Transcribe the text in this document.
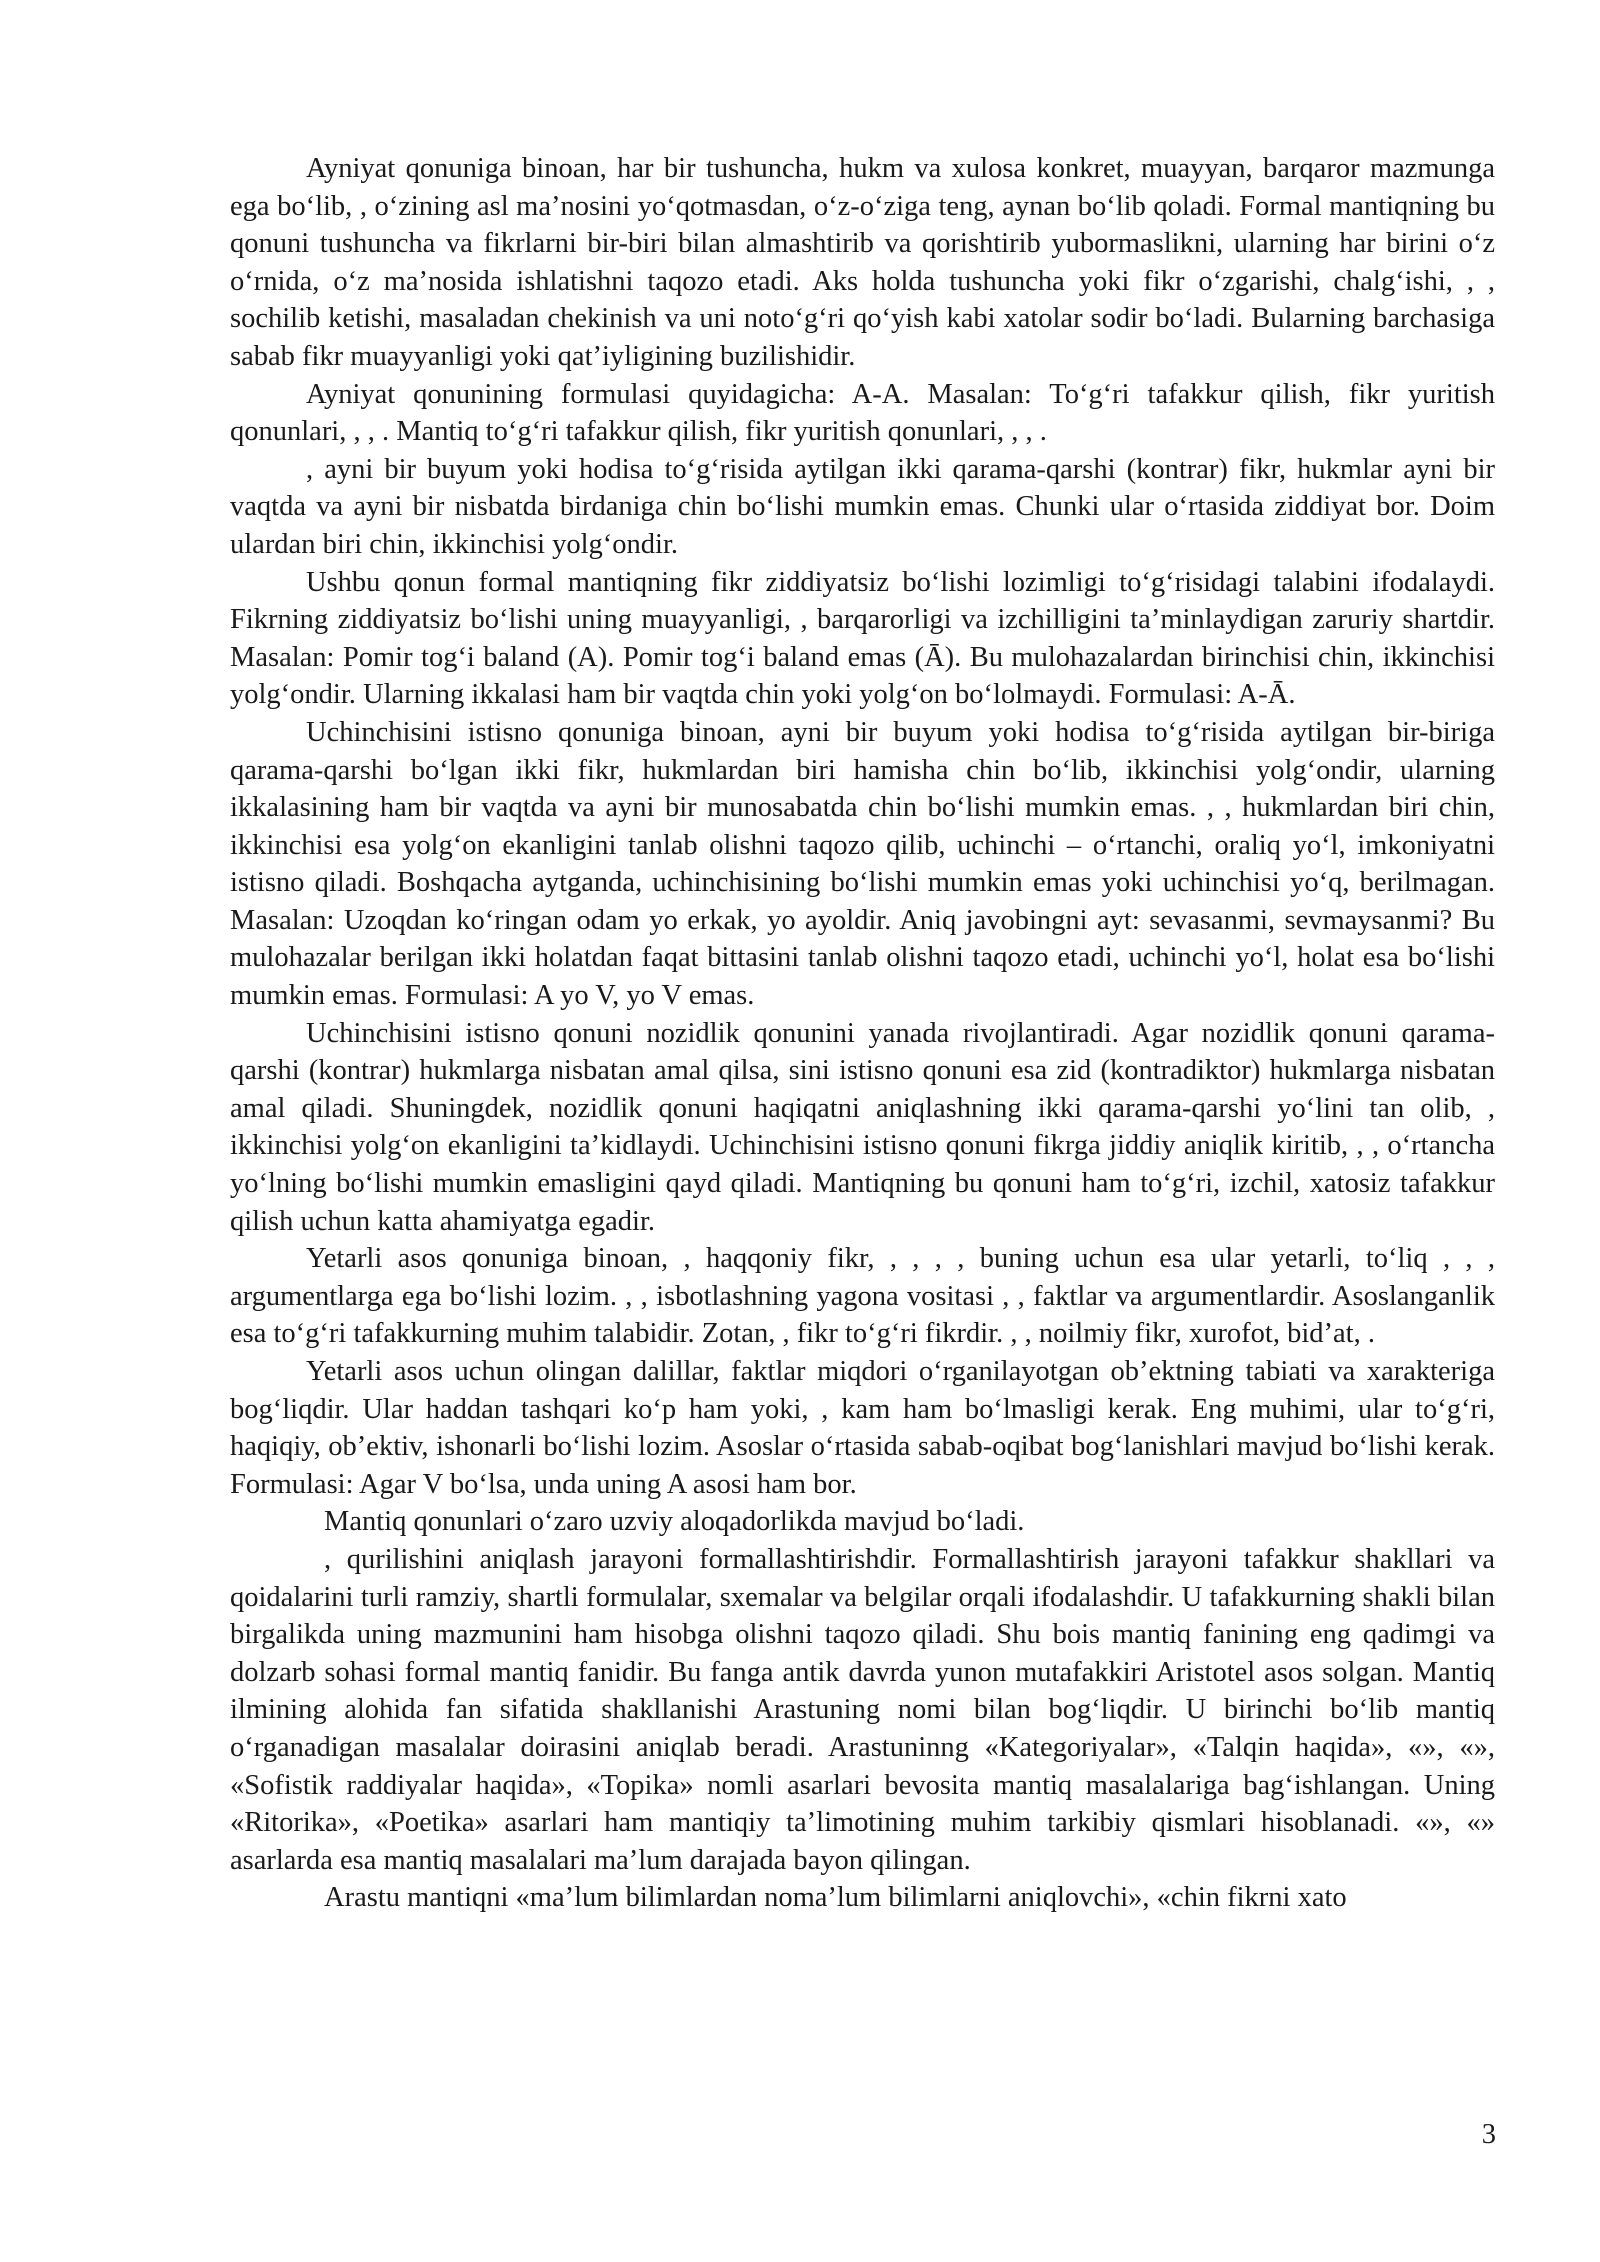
Ayniyat qonuniga binoan, har bir tushuncha, hukm va xulosa konkret, muayyan, barqaror mazmunga ega bo‘lib, , o‘zining asl ma’nosini yo‘qotmasdan, o‘z-o‘ziga teng, aynan bo‘lib qoladi. Formal mantiqning bu qonuni tushuncha va fikrlarni bir-biri bilan almashtirib va qorishtirib yubormaslikni, ularning har birini o‘z o‘rnida, o‘z ma’nosida ishlatishni taqozo etadi. Aks holda tushuncha yoki fikr o‘zgarishi, chalg‘ishi, , , sochilib ketishi, masaladan chekinish va uni noto‘g‘ri qo‘yish kabi xatolar sodir bo‘ladi. Bularning barchasiga sabab fikr muayyanligi yoki qat’iyligining buzilishidir.

Ayniyat qonunining formulasi quyidagicha: A-A. Masalan: To‘g‘ri tafakkur qilish, fikr yuritish qonunlari, , , . Mantiq to‘g‘ri tafakkur qilish, fikr yuritish qonunlari, , , .

, ayni bir buyum yoki hodisa to‘g‘risida aytilgan ikki qarama-qarshi (kontrar) fikr, hukmlar ayni bir vaqtda va ayni bir nisbatda birdaniga chin bo‘lishi mumkin emas. Chunki ular o‘rtasida ziddiyat bor. Doim ulardan biri chin, ikkinchisi yolg‘ondir.

Ushbu qonun formal mantiqning fikr ziddiyatsiz bo‘lishi lozimligi to‘g‘risidagi talabini ifodalaydi. Fikrning ziddiyatsiz bo‘lishi uning muayyanligi, , barqarorligi va izchilligini ta’minlaydigan zaruriy shartdir. Masalan: Pomir tog‘i baland (A). Pomir tog‘i baland emas (Ā). Bu mulohazalardan birinchisi chin, ikkinchisi yolg‘ondir. Ularning ikkalasi ham bir vaqtda chin yoki yolg‘on bo‘lolmaydi. Formulasi: A-Ā.

Uchinchisini istisno qonuniga binoan, ayni bir buyum yoki hodisa to‘g‘risida aytilgan bir-biriga qarama-qarshi bo‘lgan ikki fikr, hukmlardan biri hamisha chin bo‘lib, ikkinchisi yolg‘ondir, ularning ikkalasining ham bir vaqtda va ayni bir munosabatda chin bo‘lishi mumkin emas. , , hukmlardan biri chin, ikkinchisi esa yolg‘on ekanligini tanlab olishni taqozo qilib, uchinchi – o‘rtanchi, oraliq yo‘l, imkoniyatni istisno qiladi. Boshqacha aytganda, uchinchisining bo‘lishi mumkin emas yoki uchinchisi yo‘q, berilmagan. Masalan: Uzoqdan ko‘ringan odam yo erkak, yo ayoldir. Aniq javobingni ayt: sevasanmi, sevmaysanmi? Bu mulohazalar berilgan ikki holatdan faqat bittasini tanlab olishni taqozo etadi, uchinchi yo‘l, holat esa bo‘lishi mumkin emas. Formulasi: A yo V, yo V emas.

Uchinchisini istisno qonuni nozidlik qonunini yanada rivojlantiradi. Agar nozidlik qonuni qarama-qarshi (kontrar) hukmlarga nisbatan amal qilsa, sini istisno qonuni esa zid (kontradiktor) hukmlarga nisbatan amal qiladi. Shuningdek, nozidlik qonuni haqiqatni aniqlashning ikki qarama-qarshi yo‘lini tan olib, , ikkinchisi yolg‘on ekanligini ta’kidlaydi. Uchinchisini istisno qonuni fikrga jiddiy aniqlik kiritib, , , o‘rtancha yo‘lning bo‘lishi mumkin emasligini qayd qiladi. Mantiqning bu qonuni ham to‘g‘ri, izchil, xatosiz tafakkur qilish uchun katta ahamiyatga egadir.

Yetarli asos qonuniga binoan, , haqqoniy fikr, , , , , buning uchun esa ular yetarli, to‘liq , , , argumentlarga ega bo‘lishi lozim. , , isbotlashning yagona vositasi , , faktlar va argumentlardir. Asoslanganlik esa to‘g‘ri tafakkurning muhim talabidir. Zotan, , fikr to‘g‘ri fikrdir. , , noilmiy fikr, xurofot, bid’at, .

Yetarli asos uchun olingan dalillar, faktlar miqdori o‘rganilayotgan ob’ektning tabiati va xarakteriga bog‘liqdir. Ular haddan tashqari ko‘p ham yoki, , kam ham bo‘lmasligi kerak. Eng muhimi, ular to‘g‘ri, haqiqiy, ob’ektiv, ishonarli bo‘lishi lozim. Asoslar o‘rtasida sabab-oqibat bog‘lanishlari mavjud bo‘lishi kerak. Formulasi: Agar V bo‘lsa, unda uning A asosi ham bor.

Mantiq qonunlari o‘zaro uzviy aloqadorlikda mavjud bo‘ladi.

, qurilishini aniqlash jarayoni formallashtirishdir. Formallashtirish jarayoni tafakkur shakllari va qoidalarini turli ramziy, shartli formulalar, sxemalar va belgilar orqali ifodalashdir. U tafakkurning shakli bilan birgalikda uning mazmunini ham hisobga olishni taqozo qiladi. Shu bois mantiq fanining eng qadimgi va dolzarb sohasi formal mantiq fanidir. Bu fanga antik davrda yunon mutafakkiri Aristotel asos solgan. Mantiq ilmining alohida fan sifatida shakllanishi Arastuning nomi bilan bog‘liqdir. U birinchi bo‘lib mantiq o‘rganadigan masalalar doirasini aniqlab beradi. Arastuninng «Kategoriyalar», «Talqin haqida», «», «», «Sofistik raddiyalar haqida», «Topika» nomli asarlari bevosita mantiq masalalariga bag‘ishlangan. Uning «Ritorika», «Poetika» asarlari ham mantiqiy ta’limotining muhim tarkibiy qismlari hisoblanadi. «», «» asarlarda esa mantiq masalalari ma’lum darajada bayon qilingan.

Arastu mantiqni «ma’lum bilimlardan noma’lum bilimlarni aniqlovchi», «chin fikrni xato

3
